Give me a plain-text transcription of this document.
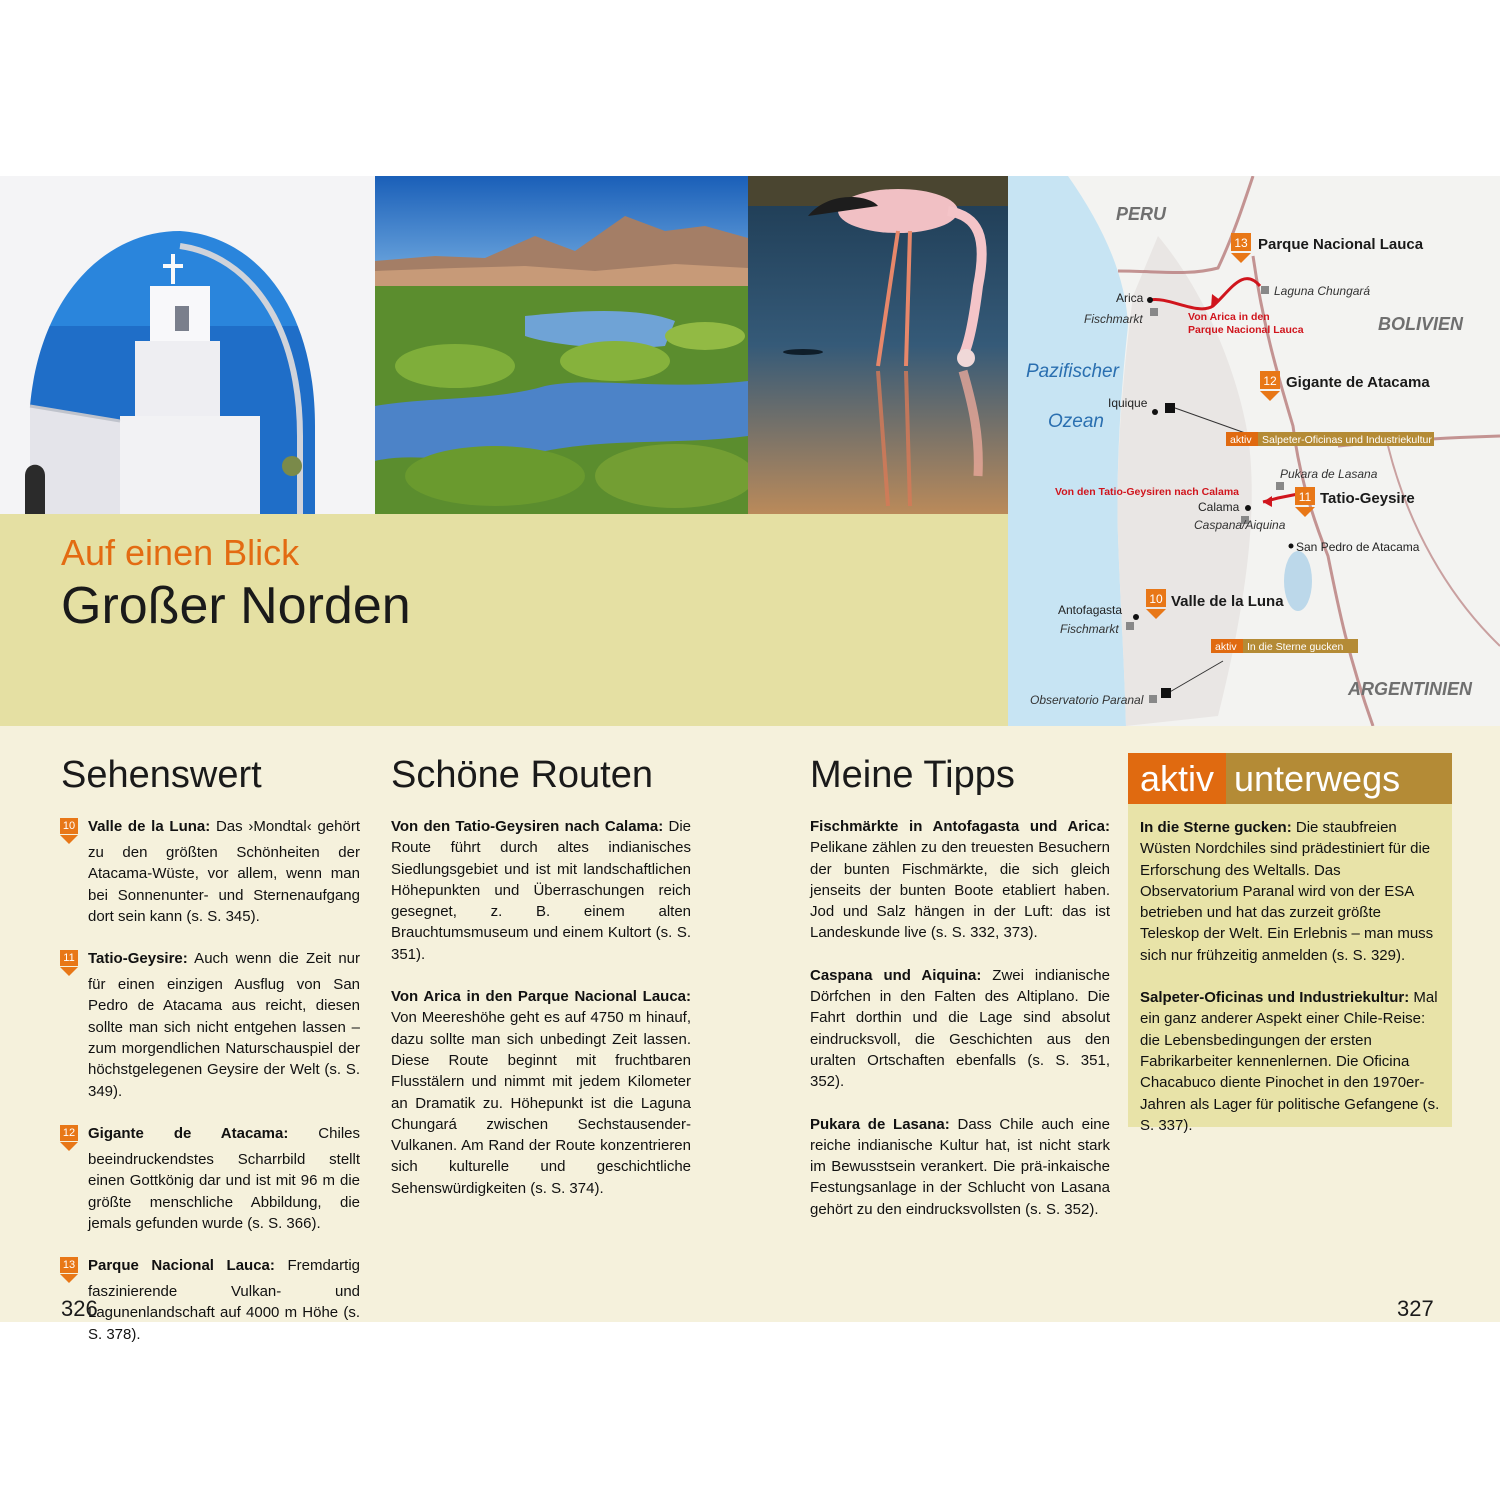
Auf einen Blick
Großer Norden
PERU
BOLIVIEN
ARGENTINIEN
Pazifischer
Ozean
13 Parque Nacional Lauca
12 Gigante de Atacama
11 Tatio-Geysire
10 Valle de la Luna
Arica
Fischmarkt
Laguna Chungará
Von Arica in den
Parque Nacional Lauca
Iquique
aktiv Salpeter-Oficinas und Industriekultur
Pukara de Lasana
Von den Tatio-Geysiren nach Calama
Calama
Caspana/Aiquina
San Pedro de Atacama
Antofagasta
Fischmarkt
aktiv In die Sterne gucken
Observatorio Paranal
Sehenswert

10 Valle de la Luna: Das ›Mondtal‹ gehört zu den größten Schönheiten der Atacama-Wüste, vor allem, wenn man bei Sonnenunter- und Sternenaufgang dort sein kann (s. S. 345).

11 Tatio-Geysire: Auch wenn die Zeit nur für einen einzigen Ausflug von San Pedro de Atacama aus reicht, diesen sollte man sich nicht entgehen lassen – zum morgendlichen Naturschauspiel der höchstgelegenen Geysire der Welt (s. S. 349).

12 Gigante de Atacama: Chiles beeindruckendstes Scharrbild stellt einen Gottkönig dar und ist mit 96 m die größte menschliche Abbildung, die jemals gefunden wurde (s. S. 366).

13 Parque Nacional Lauca: Fremdartig faszinierende Vulkan- und Lagunenlandschaft auf 4000 m Höhe (s. S. 378).

Schöne Routen

Von den Tatio-Geysiren nach Calama: Die Route führt durch altes indianisches Siedlungsgebiet und ist mit landschaftlichen Höhepunkten und Überraschungen reich gesegnet, z. B. einem alten Brauchtumsmuseum und einem Kultort (s. S. 351).

Von Arica in den Parque Nacional Lauca: Von Meereshöhe geht es auf 4750 m hinauf, dazu sollte man sich unbedingt Zeit lassen. Diese Route beginnt mit fruchtbaren Flusstälern und nimmt mit jedem Kilometer an Dramatik zu. Höhepunkt ist die Laguna Chungará zwischen Sechstausender-Vulkanen. Am Rand der Route konzentrieren sich kulturelle und geschichtliche Sehenswürdigkeiten (s. S. 374).

Meine Tipps

Fischmärkte in Antofagasta und Arica: Pelikane zählen zu den treuesten Besuchern der bunten Fischmärkte, die sich gleich jenseits der bunten Boote etabliert haben. Jod und Salz hängen in der Luft: das ist Landeskunde live (s. S. 332, 373).

Caspana und Aiquina: Zwei indianische Dörfchen in den Falten des Altiplano. Die Fahrt dorthin und die Lage sind absolut eindrucksvoll, die Geschichten aus den uralten Ortschaften ebenfalls (s. S. 351, 352).

Pukara de Lasana: Dass Chile auch eine reiche indianische Kultur hat, ist nicht stark im Bewusstsein verankert. Die prä-inkaische Festungsanlage in der Schlucht von Lasana gehört zu den eindrucksvollsten (s. S. 352).

aktiv unterwegs

In die Sterne gucken: Die staubfreien Wüsten Nordchiles sind prädestiniert für die Erforschung des Weltalls. Das Observatorium Paranal wird von der ESA betrieben und hat das zurzeit größte Teleskop der Welt. Ein Erlebnis – man muss sich nur frühzeitig anmelden (s. S. 329).

Salpeter-Oficinas und Industriekultur: Mal ein ganz anderer Aspekt einer Chile-Reise: die Lebensbedingungen der ersten Fabrikarbeiter kennenlernen. Die Oficina Chacabuco diente Pinochet in den 1970er-Jahren als Lager für politische Gefangene (s. S. 337).

326	327
